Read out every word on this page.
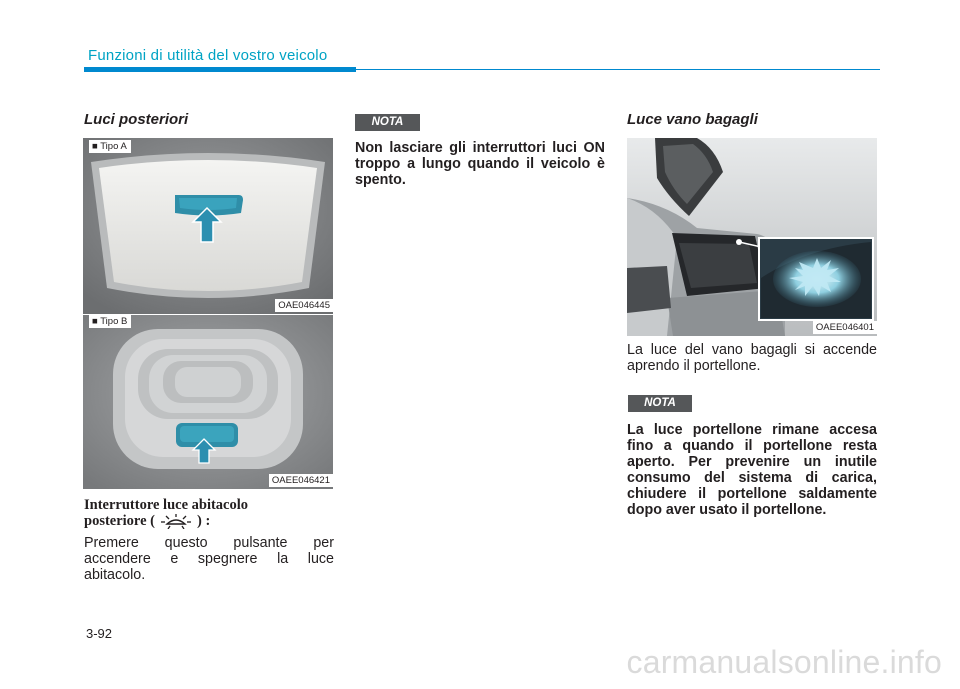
Funzioni di utilità del vostro veicolo
Luci posteriori
■ Tipo A
OAE046445
■ Tipo B
OAEE046421
Interruttore luce abitacolo
posteriore (	) :
Premere questo pulsante per accendere e spegnere la luce abitacolo.
NOTA
Non lasciare gli interruttori luci ON troppo a lungo quando il veicolo è spento.
Luce vano bagagli
OAEE046401
La luce del vano bagagli si accende aprendo il portellone.
NOTA
La luce portellone rimane accesa fino a quando il portellone resta aperto. Per prevenire un inutile consumo del sistema di carica, chiudere il portellone saldamente dopo aver usato il portellone.
3-92
carmanualsonline.info
